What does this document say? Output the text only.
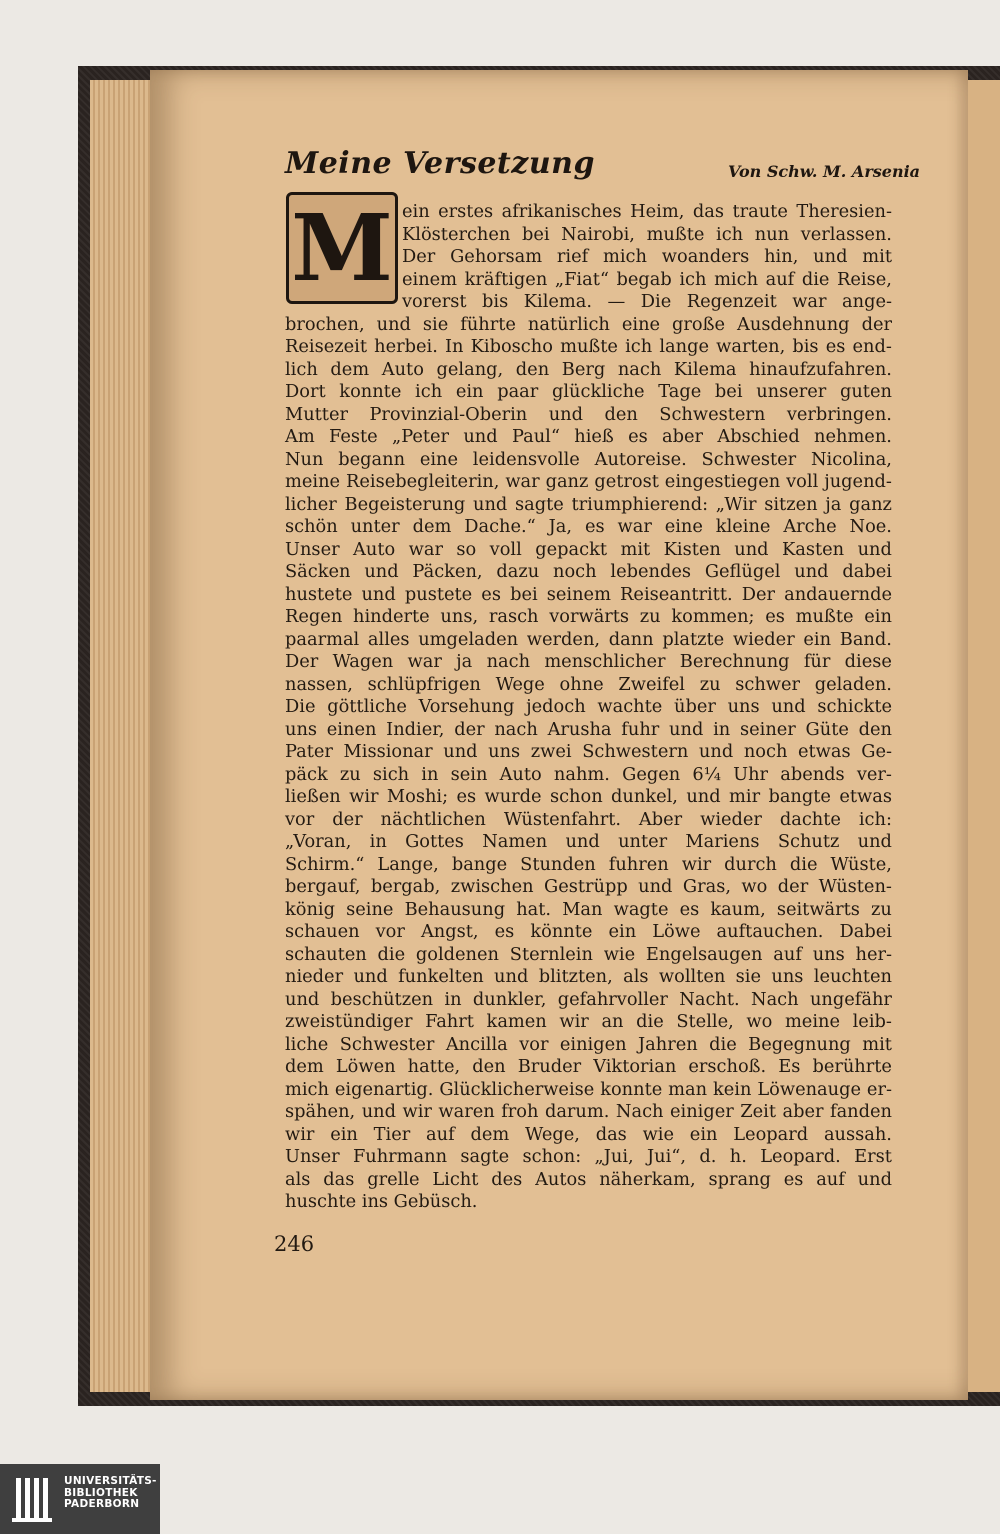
Meine Versetzung	Von Schw. M. Arsenia
M ein erstes afrikanisches Heim, das traute Theresien-
Klösterchen bei Nairobi, mußte ich nun verlassen.
Der Gehorsam rief mich woanders hin, und mit
einem kräftigen „Fiat“ begab ich mich auf die Reise,
vorerst bis Kilema. — Die Regenzeit war ange-
brochen, und sie führte natürlich eine große Ausdehnung der
Reisezeit herbei. In Kiboscho mußte ich lange warten, bis es end-
lich dem Auto gelang, den Berg nach Kilema hinaufzufahren.
Dort konnte ich ein paar glückliche Tage bei unserer guten
Mutter Provinzial-Oberin und den Schwestern verbringen.
Am Feste „Peter und Paul“ hieß es aber Abschied nehmen.
Nun begann eine leidensvolle Autoreise. Schwester Nicolina,
meine Reisebegleiterin, war ganz getrost eingestiegen voll jugend-
licher Begeisterung und sagte triumphierend: „Wir sitzen ja ganz
schön unter dem Dache.“ Ja, es war eine kleine Arche Noe.
Unser Auto war so voll gepackt mit Kisten und Kasten und
Säcken und Päcken, dazu noch lebendes Geflügel und dabei
hustete und pustete es bei seinem Reiseantritt. Der andauernde
Regen hinderte uns, rasch vorwärts zu kommen; es mußte ein
paarmal alles umgeladen werden, dann platzte wieder ein Band.
Der Wagen war ja nach menschlicher Berechnung für diese
nassen, schlüpfrigen Wege ohne Zweifel zu schwer geladen.
Die göttliche Vorsehung jedoch wachte über uns und schickte
uns einen Indier, der nach Arusha fuhr und in seiner Güte den
Pater Missionar und uns zwei Schwestern und noch etwas Ge-
päck zu sich in sein Auto nahm. Gegen 6¼ Uhr abends ver-
ließen wir Moshi; es wurde schon dunkel, und mir bangte etwas
vor der nächtlichen Wüstenfahrt. Aber wieder dachte ich:
„Voran, in Gottes Namen und unter Mariens Schutz und
Schirm.“ Lange, bange Stunden fuhren wir durch die Wüste,
bergauf, bergab, zwischen Gestrüpp und Gras, wo der Wüsten-
könig seine Behausung hat. Man wagte es kaum, seitwärts zu
schauen vor Angst, es könnte ein Löwe auftauchen. Dabei
schauten die goldenen Sternlein wie Engelsaugen auf uns her-
nieder und funkelten und blitzten, als wollten sie uns leuchten
und beschützen in dunkler, gefahrvoller Nacht. Nach ungefähr
zweistündiger Fahrt kamen wir an die Stelle, wo meine leib-
liche Schwester Ancilla vor einigen Jahren die Begegnung mit
dem Löwen hatte, den Bruder Viktorian erschoß. Es berührte
mich eigenartig. Glücklicherweise konnte man kein Löwenauge er-
spähen, und wir waren froh darum. Nach einiger Zeit aber fanden
wir ein Tier auf dem Wege, das wie ein Leopard aussah.
Unser Fuhrmann sagte schon: „Jui, Jui“, d. h. Leopard. Erst
als das grelle Licht des Autos näherkam, sprang es auf und
huschte ins Gebüsch.
246
UNIVERSITÄTS-
BIBLIOTHEK
PADERBORN
